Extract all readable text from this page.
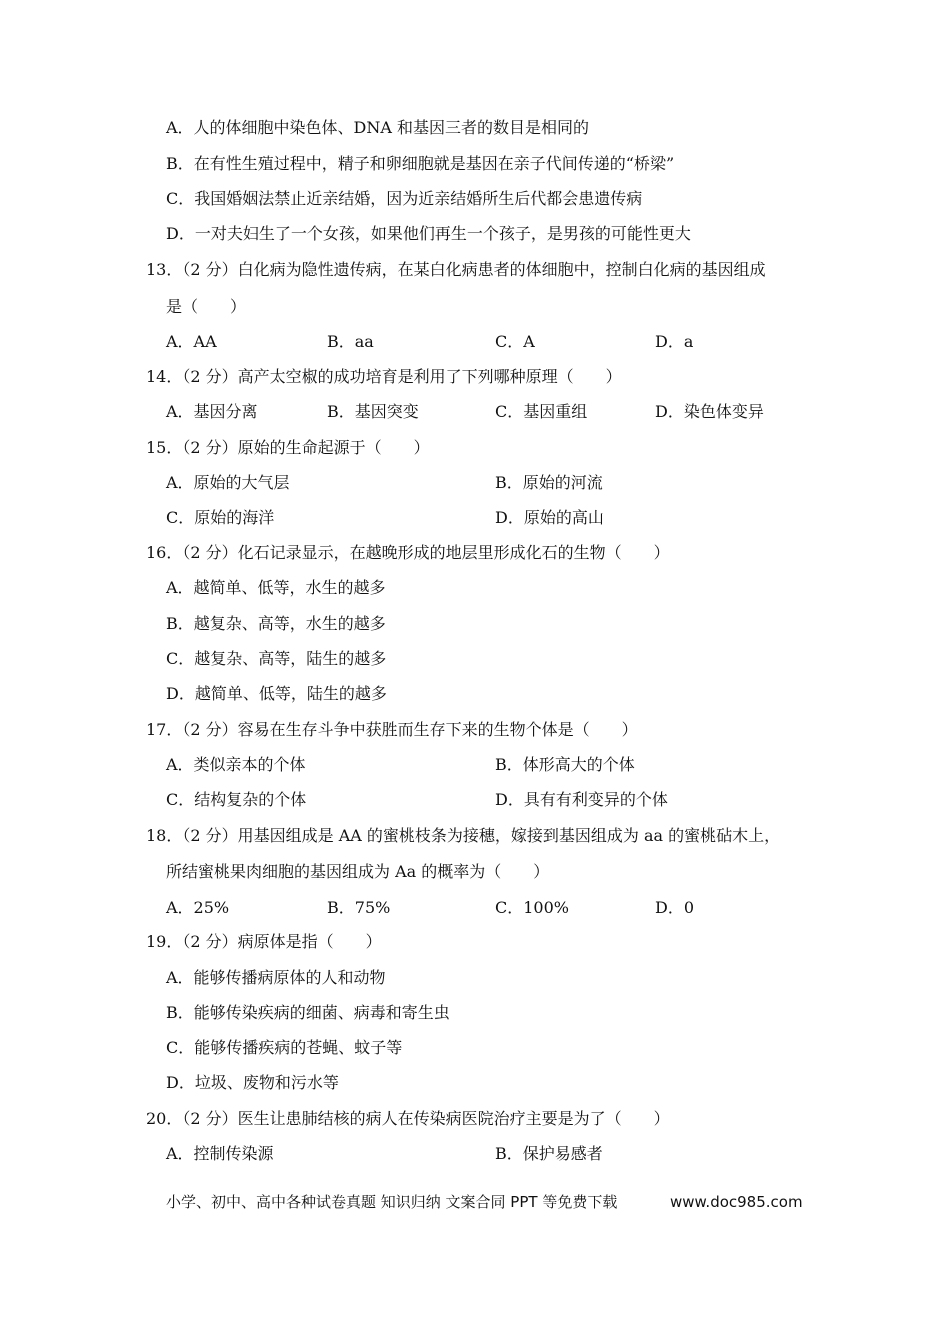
A．人的体细胞中染色体、DNA 和基因三者的数目是相同的
B．在有性生殖过程中，精子和卵细胞就是基因在亲子代间传递的“桥梁”
C．我国婚姻法禁止近亲结婚，因为近亲结婚所生后代都会患遗传病
D．一对夫妇生了一个女孩，如果他们再生一个孩子，是男孩的可能性更大
13．（2 分）白化病为隐性遗传病，在某白化病患者的体细胞中，控制白化病的基因组成
是（　　）
A．AA	B．aa	C．A	D．a
14．（2 分）高产太空椒的成功培育是利用了下列哪种原理（　　）
A．基因分离	B．基因突变	C．基因重组	D．染色体变异
15．（2 分）原始的生命起源于（　　）
A．原始的大气层	B．原始的河流
C．原始的海洋	D．原始的高山
16．（2 分）化石记录显示，在越晚形成的地层里形成化石的生物（　　）
A．越简单、低等，水生的越多
B．越复杂、高等，水生的越多
C．越复杂、高等，陆生的越多
D．越简单、低等，陆生的越多
17．（2 分）容易在生存斗争中获胜而生存下来的生物个体是（　　）
A．类似亲本的个体	B．体形高大的个体
C．结构复杂的个体	D．具有有利变异的个体
18．（2 分）用基因组成是 AA 的蜜桃枝条为接穗，嫁接到基因组成为 aa 的蜜桃砧木上，
所结蜜桃果肉细胞的基因组成为 Aa 的概率为（　　）
A．25%	B．75%	C．100%	D．0
19．（2 分）病原体是指（　　）
A．能够传播病原体的人和动物
B．能够传染疾病的细菌、病毒和寄生虫
C．能够传播疾病的苍蝇、蚊子等
D．垃圾、废物和污水等
20．（2 分）医生让患肺结核的病人在传染病医院治疗主要是为了（　　）
A．控制传染源	B．保护易感者
小学、初中、高中各种试卷真题 知识归纳 文案合同 PPT 等免费下载	www.doc985.com
